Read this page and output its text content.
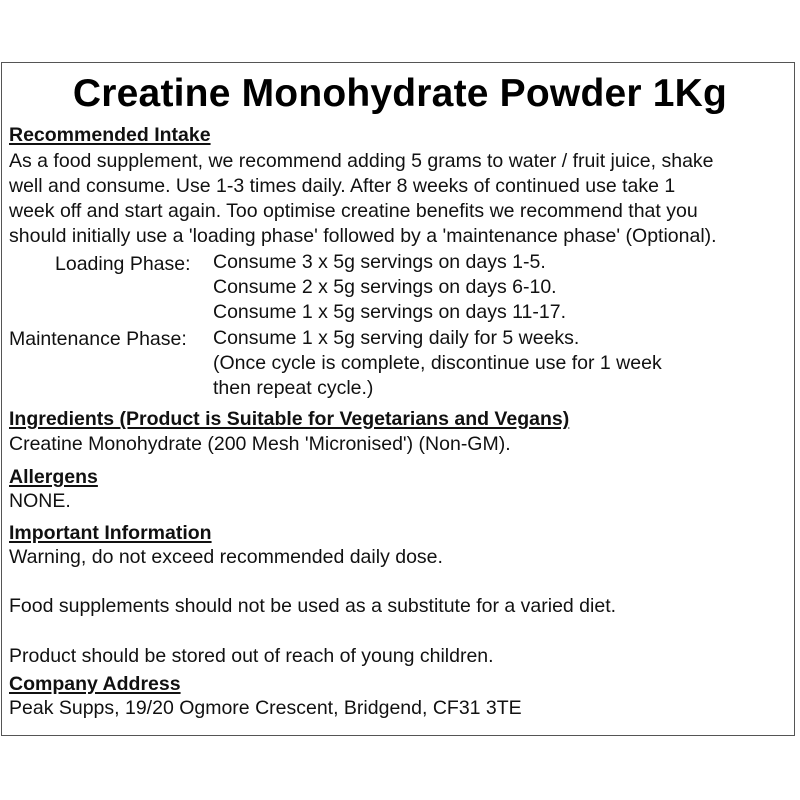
Creatine Monohydrate Powder 1Kg
Recommended Intake
As a food supplement, we recommend adding 5 grams to water / fruit juice, shake
well and consume. Use 1-3 times daily. After 8 weeks of continued use take 1
week off and start again. Too optimise creatine benefits we recommend that you
should initially use a 'loading phase' followed by a 'maintenance phase' (Optional).
Loading Phase: Consume 3 x 5g servings on days 1-5.
Consume 2 x 5g servings on days 6-10.
Consume 1 x 5g servings on days 11-17.
Maintenance Phase: Consume 1 x 5g serving daily for 5 weeks.
(Once cycle is complete, discontinue use for 1 week
then repeat cycle.)
Ingredients (Product is Suitable for Vegetarians and Vegans)
Creatine Monohydrate (200 Mesh 'Micronised') (Non-GM).
Allergens
NONE.
Important Information
Warning, do not exceed recommended daily dose.
Food supplements should not be used as a substitute for a varied diet.
Product should be stored out of reach of young children.
Company Address
Peak Supps, 19/20 Ogmore Crescent, Bridgend, CF31 3TE
